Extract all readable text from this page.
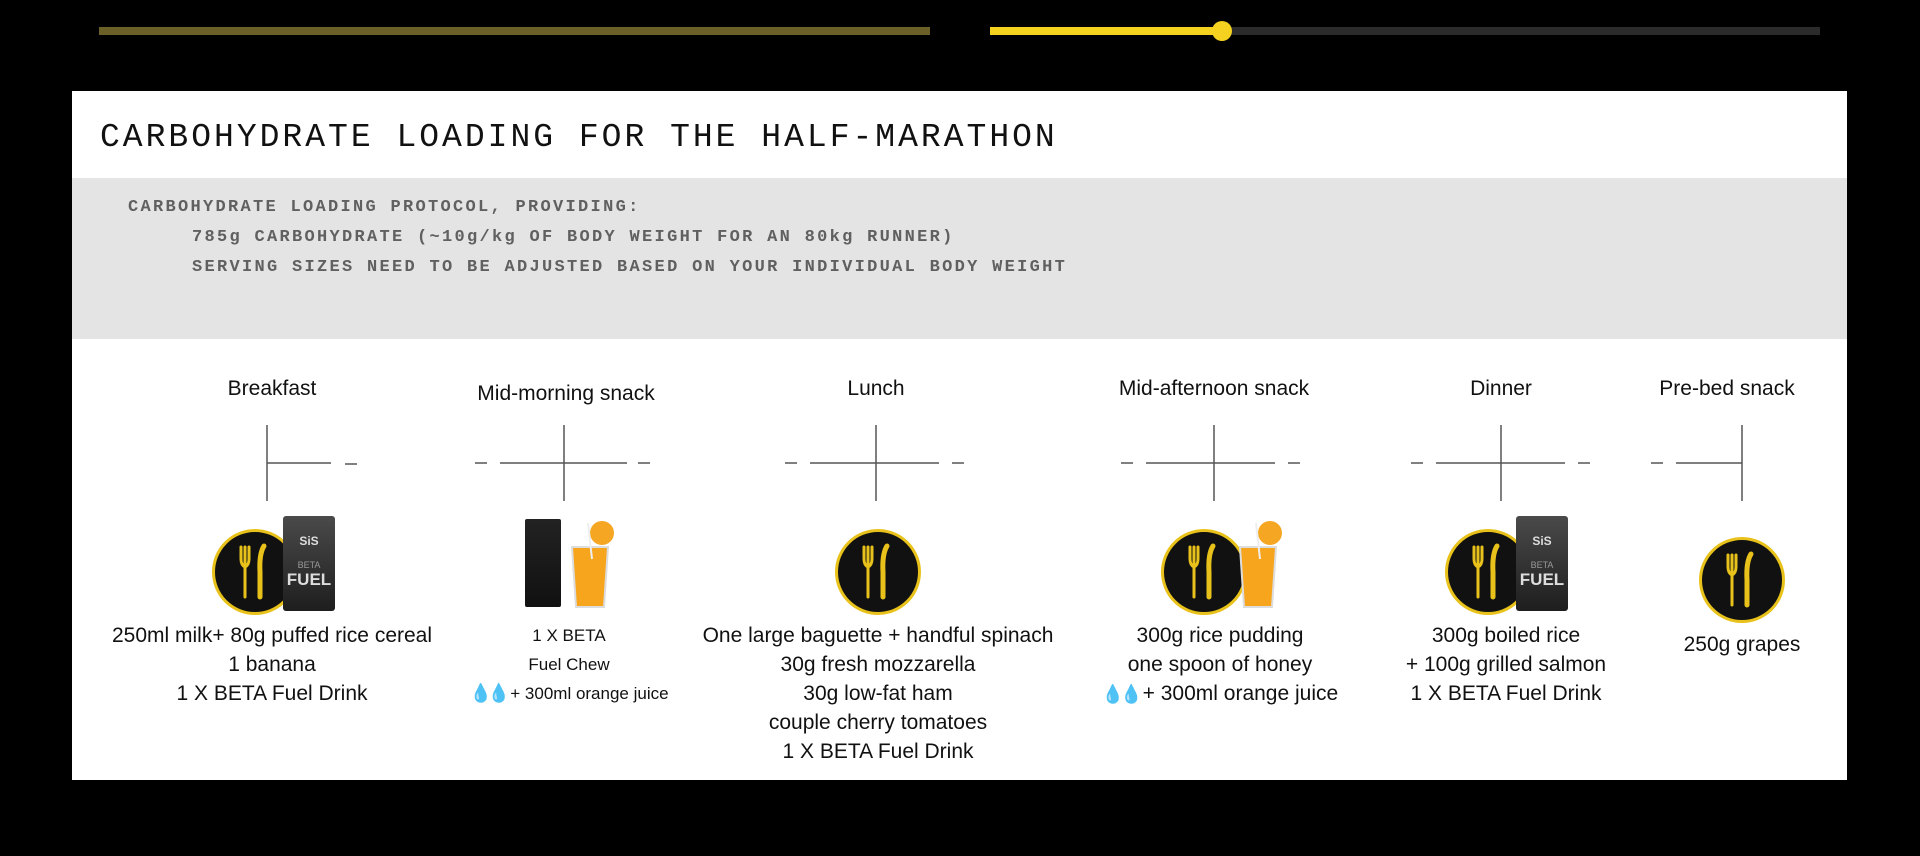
CARBOHYDRATE LOADING FOR THE HALF-MARATHON
CARBOHYDRATE LOADING PROTOCOL, PROVIDING:
785g CARBOHYDRATE (~10g/kg OF BODY WEIGHT FOR AN 80kg RUNNER)
SERVING SIZES NEED TO BE ADJUSTED BASED ON YOUR INDIVIDUAL BODY WEIGHT
Breakfast
SiS
BETA
FUEL
250ml milk+ 80g puffed rice cereal
1 banana
1 X BETA Fuel Drink
Mid-morning snack
1 X BETA
Fuel Chew
💧💧 + 300ml orange juice
Lunch
One large baguette + handful spinach
30g fresh mozzarella
30g low-fat ham
couple cherry tomatoes
1 X BETA Fuel Drink
Mid-afternoon snack
300g rice pudding
one spoon of honey
💧💧 + 300ml orange juice
Dinner
SiS
BETA
FUEL
300g boiled rice
+ 100g grilled salmon
1 X BETA Fuel Drink
Pre-bed snack
250g grapes
